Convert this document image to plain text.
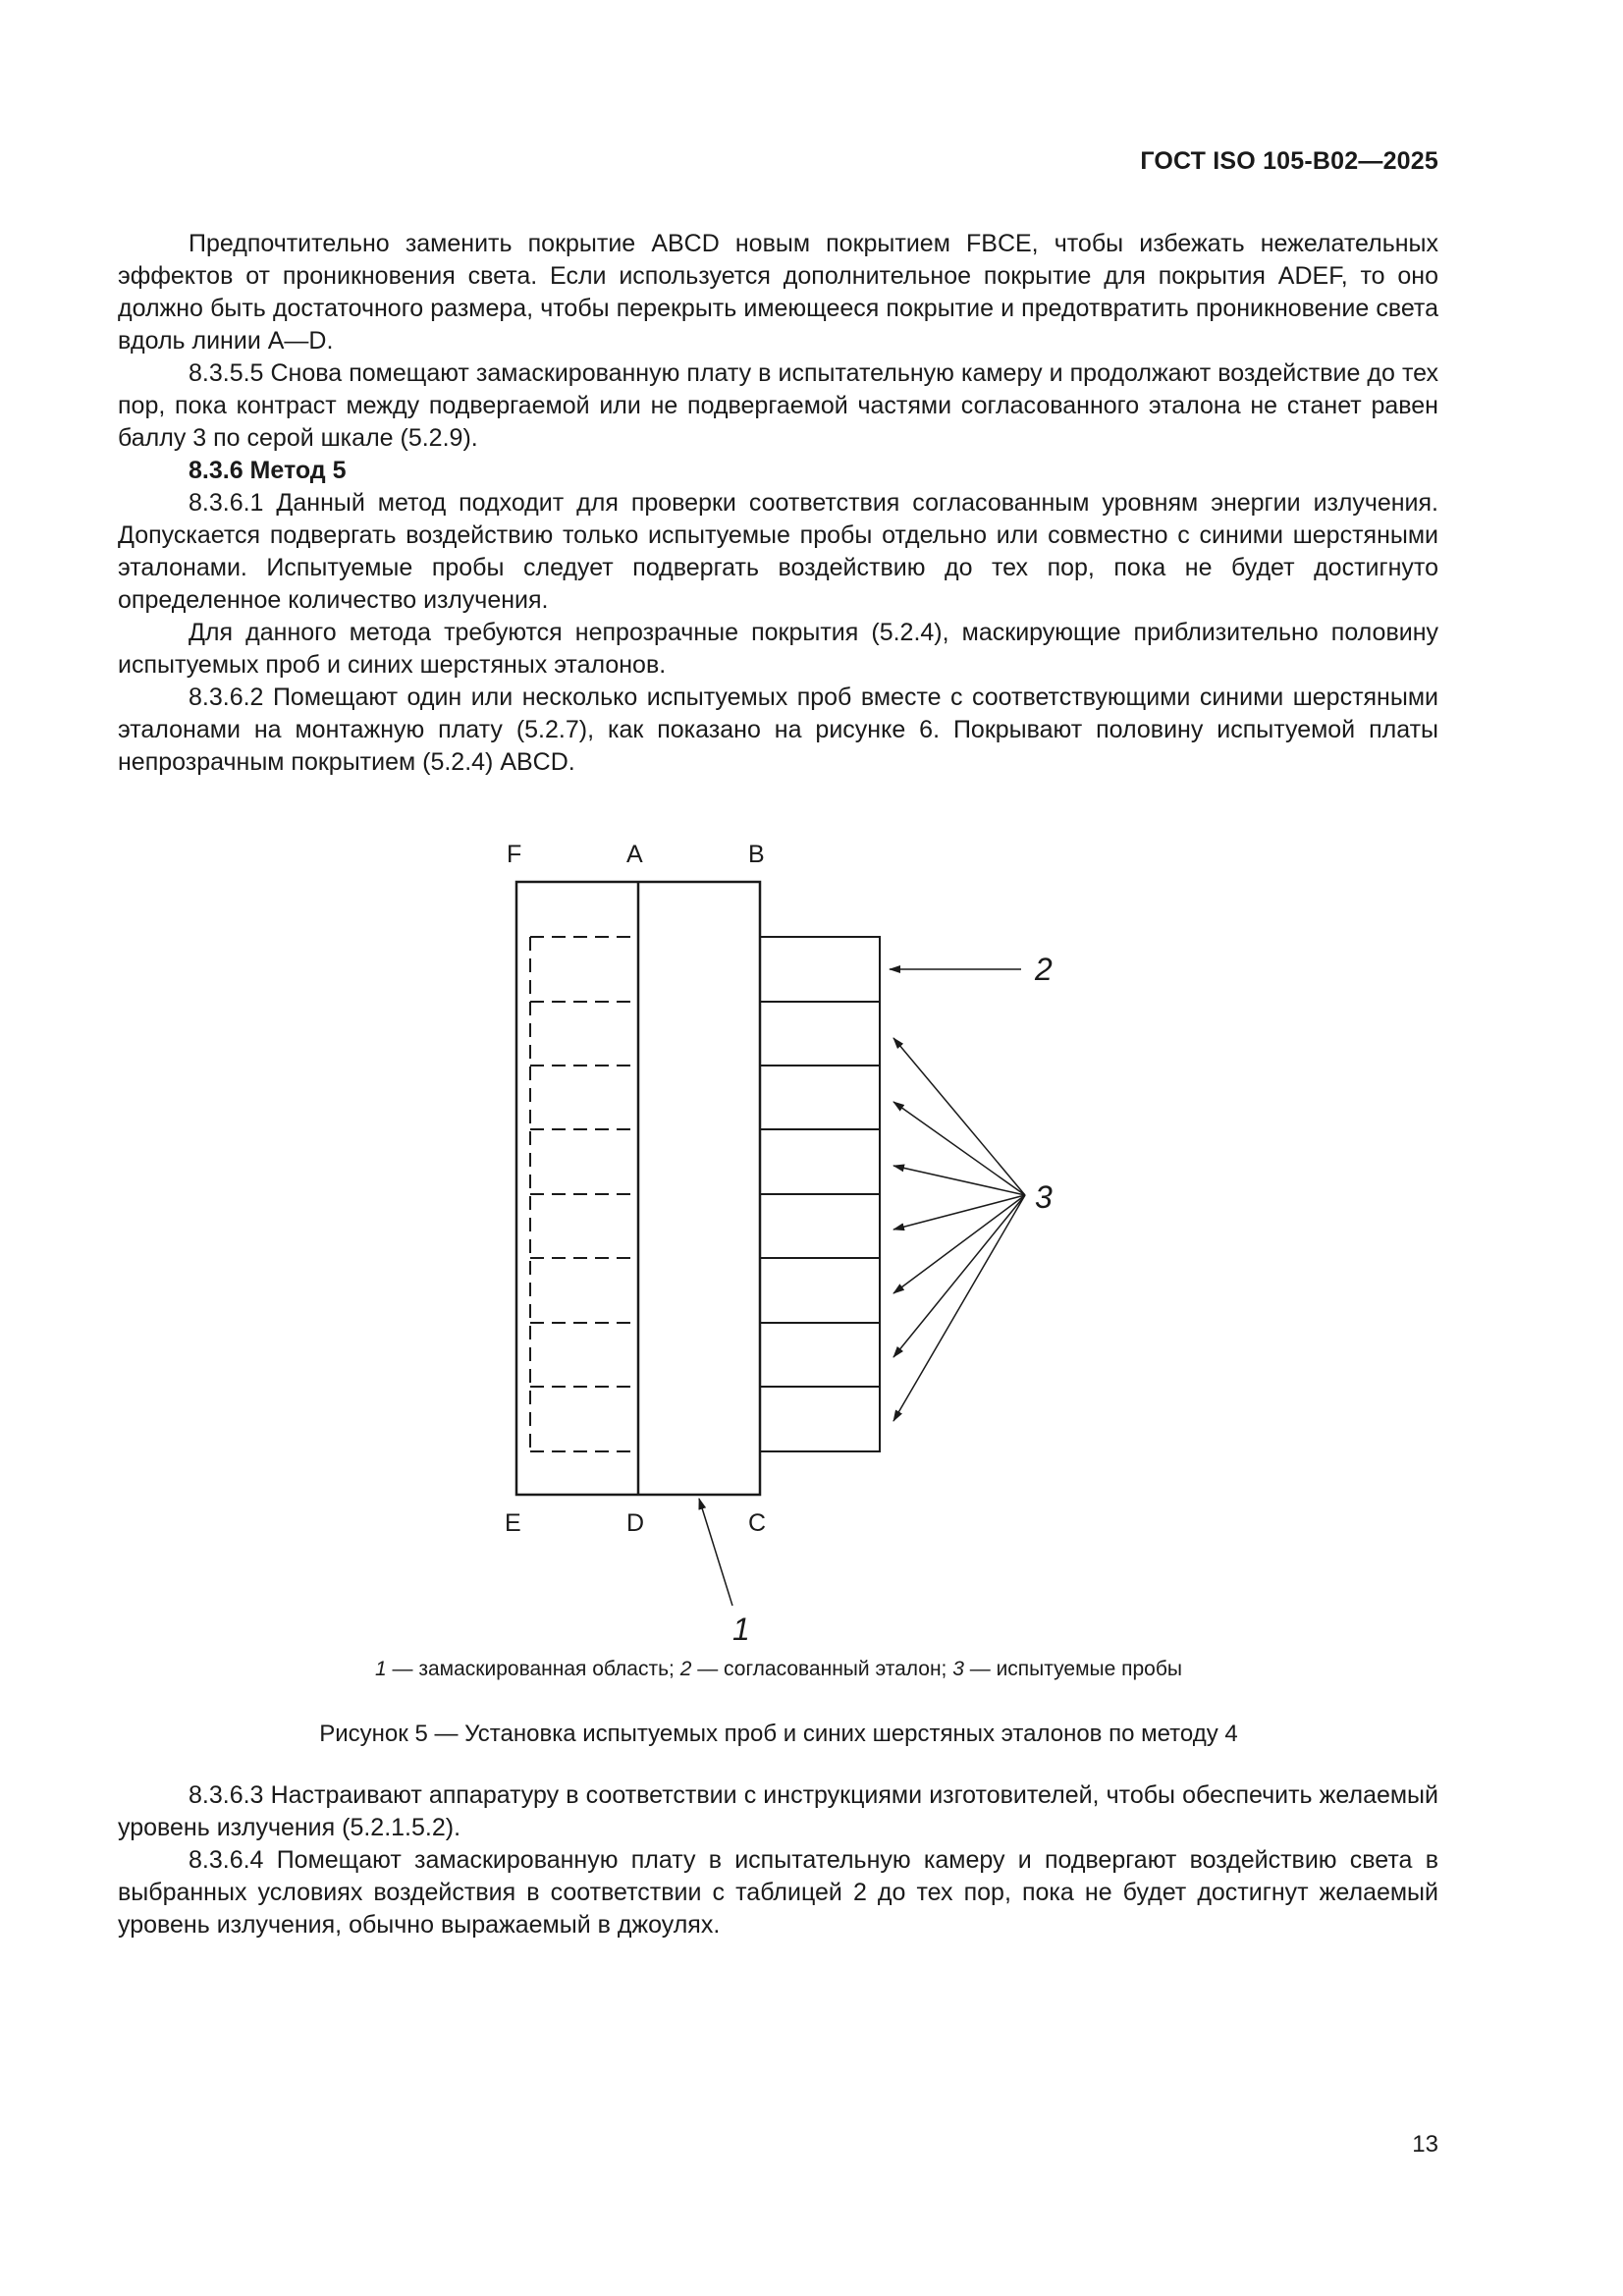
ГОСТ ISO 105-B02—2025

Предпочтительно заменить покрытие ABCD новым покрытием FBCE, чтобы избежать нежелательных эффектов от проникновения света. Если используется дополнительное покрытие для покрытия ADEF, то оно должно быть достаточного размера, чтобы перекрыть имеющееся покрытие и предотвратить проникновение света вдоль линии A—D.

8.3.5.5 Снова помещают замаскированную плату в испытательную камеру и продолжают воздействие до тех пор, пока контраст между подвергаемой или не подвергаемой частями согласованного эталона не станет равен баллу 3 по серой шкале (5.2.9).

8.3.6 Метод 5

8.3.6.1 Данный метод подходит для проверки соответствия согласованным уровням энергии излучения. Допускается подвергать воздействию только испытуемые пробы отдельно или совместно с синими шерстяными эталонами. Испытуемые пробы следует подвергать воздействию до тех пор, пока не будет достигнуто определенное количество излучения.

Для данного метода требуются непрозрачные покрытия (5.2.4), маскирующие приблизительно половину испытуемых проб и синих шерстяных эталонов.

8.3.6.2 Помещают один или несколько испытуемых проб вместе с соответствующими синими шерстяными эталонами на монтажную плату (5.2.7), как показано на рисунке 6. Покрывают половину испытуемой платы непрозрачным покрытием (5.2.4) ABCD.

F	A	B
E	D	C
2
3
1
1 — замаскированная область; 2 — согласованный эталон; 3 — испытуемые пробы
Рисунок 5 — Установка испытуемых проб и синих шерстяных эталонов по методу 4

8.3.6.3 Настраивают аппаратуру в соответствии с инструкциями изготовителей, чтобы обеспечить желаемый уровень излучения (5.2.1.5.2).

8.3.6.4 Помещают замаскированную плату в испытательную камеру и подвергают воздействию света в выбранных условиях воздействия в соответствии с таблицей 2 до тех пор, пока не будет достигнут желаемый уровень излучения, обычно выражаемый в джоулях.

13
